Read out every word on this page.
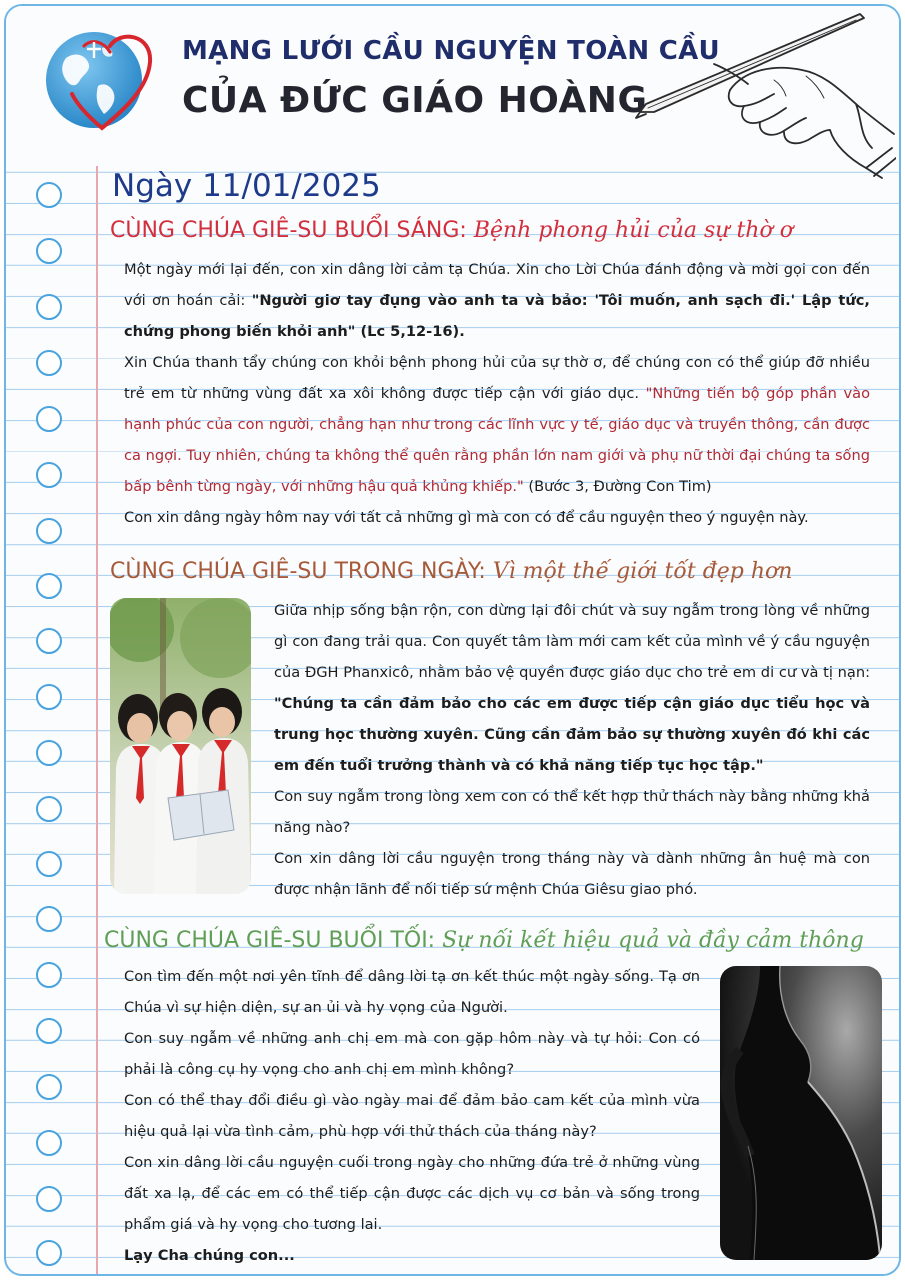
MẠNG LƯỚI CẦU NGUYỆN TOÀN CẦU
CỦA ĐỨC GIÁO HOÀNG
Ngày 11/01/2025
CÙNG CHÚA GIÊ-SU BUỔI SÁNG: Bệnh phong hủi của sự thờ ơ

Một ngày mới lại đến, con xin dâng lời cảm tạ Chúa. Xin cho Lời Chúa đánh động và mời gọi con đến với ơn hoán cải: "Người giơ tay đụng vào anh ta và bảo: 'Tôi muốn, anh sạch đi.' Lập tức, chứng phong biến khỏi anh" (Lc 5,12-16).

Xin Chúa thanh tẩy chúng con khỏi bệnh phong hủi của sự thờ ơ, để chúng con có thể giúp đỡ nhiều trẻ em từ những vùng đất xa xôi không được tiếp cận với giáo dục. "Những tiến bộ góp phần vào hạnh phúc của con người, chẳng hạn như trong các lĩnh vực y tế, giáo dục và truyền thông, cần được ca ngợi. Tuy nhiên, chúng ta không thể quên rằng phần lớn nam giới và phụ nữ thời đại chúng ta sống bấp bênh từng ngày, với những hậu quả khủng khiếp." (Bước 3, Đường Con Tim)

Con xin dâng ngày hôm nay với tất cả những gì mà con có để cầu nguyện theo ý nguyện này.

CÙNG CHÚA GIÊ-SU TRONG NGÀY: Vì một thế giới tốt đẹp hơn

Giữa nhịp sống bận rộn, con dừng lại đôi chút và suy ngẫm trong lòng về những gì con đang trải qua. Con quyết tâm làm mới cam kết của mình về ý cầu nguyện của ĐGH Phanxicô, nhằm bảo vệ quyền được giáo dục cho trẻ em di cư và tị nạn: "Chúng ta cần đảm bảo cho các em được tiếp cận giáo dục tiểu học và trung học thường xuyên. Cũng cần đảm bảo sự thường xuyên đó khi các em đến tuổi trưởng thành và có khả năng tiếp tục học tập."

Con suy ngẫm trong lòng xem con có thể kết hợp thử thách này bằng những khả năng nào?

Con xin dâng lời cầu nguyện trong tháng này và dành những ân huệ mà con được nhận lãnh để nối tiếp sứ mệnh Chúa Giêsu giao phó.

CÙNG CHÚA GIÊ-SU BUỔI TỐI: Sự nối kết hiệu quả và đầy cảm thông

Con tìm đến một nơi yên tĩnh để dâng lời tạ ơn kết thúc một ngày sống. Tạ ơn Chúa vì sự hiện diện, sự an ủi và hy vọng của Người.

Con suy ngẫm về những anh chị em mà con gặp hôm này và tự hỏi: Con có phải là công cụ hy vọng cho anh chị em mình không?

Con có thể thay đổi điều gì vào ngày mai để đảm bảo cam kết của mình vừa hiệu quả lại vừa tình cảm, phù hợp với thử thách của tháng này?

Con xin dâng lời cầu nguyện cuối trong ngày cho những đứa trẻ ở những vùng đất xa lạ, để các em có thể tiếp cận được các dịch vụ cơ bản và sống trong phẩm giá và hy vọng cho tương lai.

Lạy Cha chúng con...
